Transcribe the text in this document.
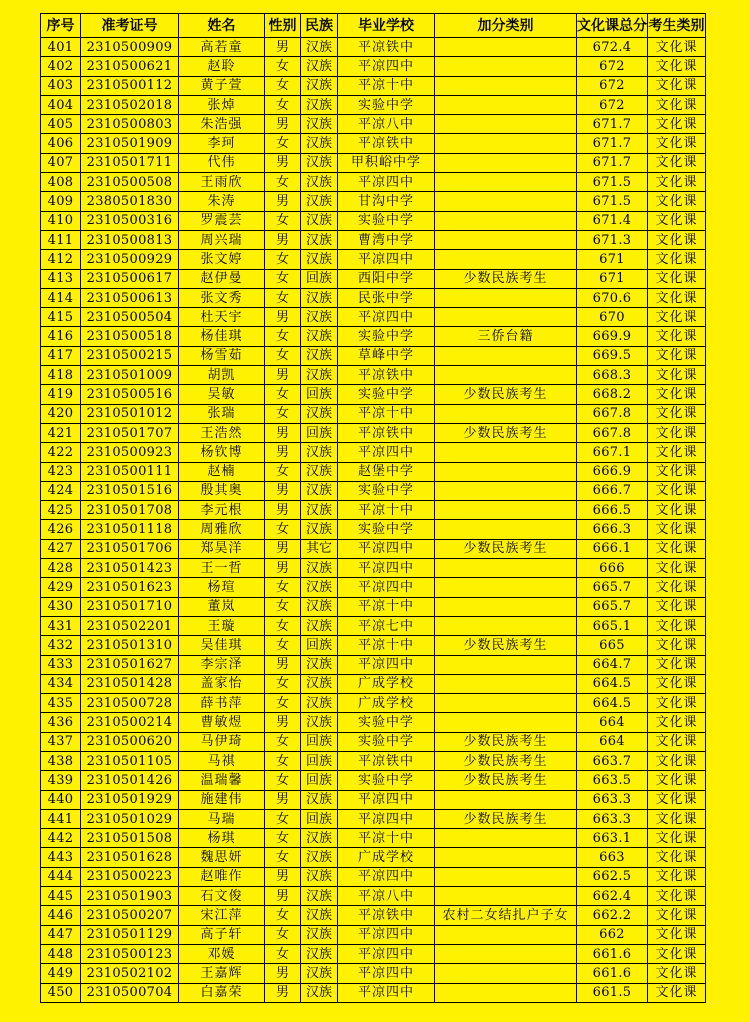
序号	准考证号	姓名	性别	民族	毕业学校	加分类别	文化课总分	考生类别
401	2310500909	高若童	男	汉族	平凉铁中		672.4	文化课
402	2310500621	赵聆	女	汉族	平凉四中		672	文化课
403	2310500112	黄子萱	女	汉族	平凉十中		672	文化课
404	2310502018	张焯	女	汉族	实验中学		672	文化课
405	2310500803	朱浩强	男	汉族	平凉八中		671.7	文化课
406	2310501909	李珂	女	汉族	平凉铁中		671.7	文化课
407	2310501711	代伟	男	汉族	甲积峪中学		671.7	文化课
408	2310500508	王雨欣	女	汉族	平凉四中		671.5	文化课
409	2380501830	朱涛	男	汉族	甘沟中学		671.5	文化课
410	2310500316	罗震芸	女	汉族	实验中学		671.4	文化课
411	2310500813	周兴瑞	男	汉族	曹湾中学		671.3	文化课
412	2310500929	张文婷	女	汉族	平凉四中		671	文化课
413	2310500617	赵伊曼	女	回族	西阳中学	少数民族考生	671	文化课
414	2310500613	张文秀	女	汉族	民张中学		670.6	文化课
415	2310500504	杜天宇	男	汉族	平凉四中		670	文化课
416	2310500518	杨佳琪	女	汉族	实验中学	三侨台籍	669.9	文化课
417	2310500215	杨雪茹	女	汉族	草峰中学		669.5	文化课
418	2310501009	胡凯	男	汉族	平凉铁中		668.3	文化课
419	2310500516	吴敏	女	回族	实验中学	少数民族考生	668.2	文化课
420	2310501012	张瑞	女	汉族	平凉十中		667.8	文化课
421	2310501707	王浩然	男	回族	平凉铁中	少数民族考生	667.8	文化课
422	2310500923	杨钦博	男	汉族	平凉四中		667.1	文化课
423	2310500111	赵楠	女	汉族	赵堡中学		666.9	文化课
424	2310501516	殷其奥	男	汉族	实验中学		666.7	文化课
425	2310501708	李元根	男	汉族	平凉十中		666.5	文化课
426	2310501118	周雅欣	女	汉族	实验中学		666.3	文化课
427	2310501706	郑昊洋	男	其它	平凉四中	少数民族考生	666.1	文化课
428	2310501423	王一哲	男	汉族	平凉四中		666	文化课
429	2310501623	杨瑄	女	汉族	平凉四中		665.7	文化课
430	2310501710	董岚	女	汉族	平凉十中		665.7	文化课
431	2310502201	王璇	女	汉族	平凉七中		665.1	文化课
432	2310501310	吴佳琪	女	回族	平凉十中	少数民族考生	665	文化课
433	2310501627	李宗泽	男	汉族	平凉四中		664.7	文化课
434	2310501428	盖家怡	女	汉族	广成学校		664.5	文化课
435	2310500728	薛书萍	女	汉族	广成学校		664.5	文化课
436	2310500214	曹敏煜	男	汉族	实验中学		664	文化课
437	2310500620	马伊琦	女	回族	实验中学	少数民族考生	664	文化课
438	2310501105	马祺	女	回族	平凉铁中	少数民族考生	663.7	文化课
439	2310501426	温瑞馨	女	回族	实验中学	少数民族考生	663.5	文化课
440	2310501929	施建伟	男	汉族	平凉四中		663.3	文化课
441	2310501029	马瑞	女	回族	平凉四中	少数民族考生	663.3	文化课
442	2310501508	杨琪	女	汉族	平凉十中		663.1	文化课
443	2310501628	魏思妍	女	汉族	广成学校		663	文化课
444	2310500223	赵唯作	男	汉族	平凉四中		662.5	文化课
445	2310501903	石文俊	男	汉族	平凉八中		662.4	文化课
446	2310500207	宋江萍	女	汉族	平凉铁中	农村二女结扎户子女	662.2	文化课
447	2310501129	高子轩	女	汉族	平凉四中		662	文化课
448	2310500123	邓媛	女	汉族	平凉四中		661.6	文化课
449	2310502102	王嘉辉	男	汉族	平凉四中		661.6	文化课
450	2310500704	白嘉荣	男	汉族	平凉四中		661.5	文化课
